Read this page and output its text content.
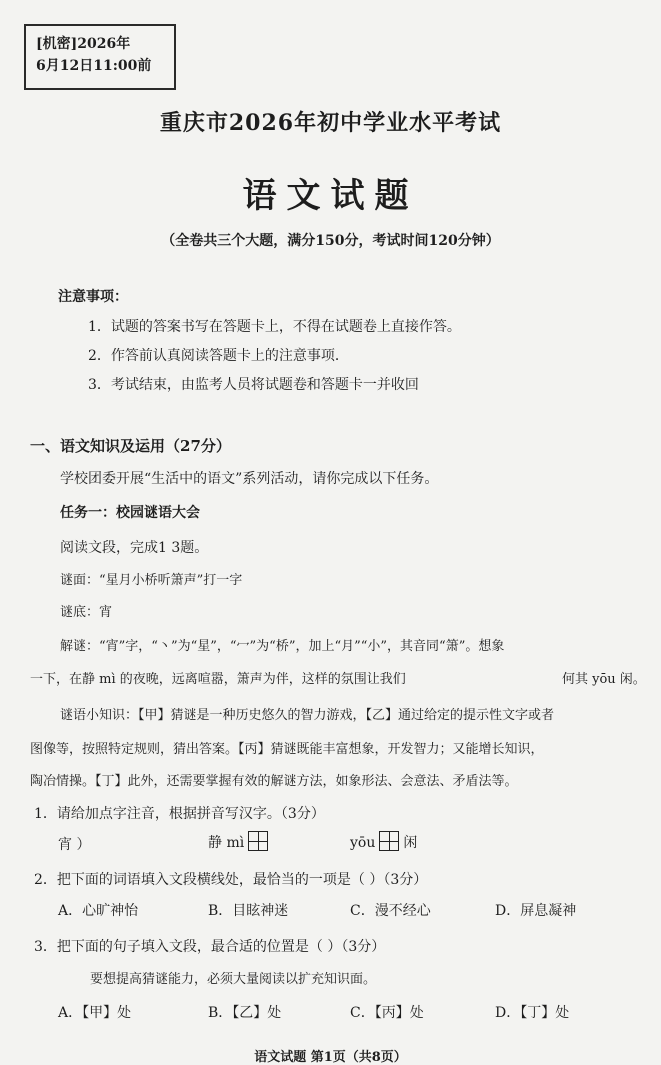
[机密]2026年
6月12日11:00前
重庆市2026年初中学业水平考试
语文试题
（全卷共三个大题，满分150分，考试时间120分钟）
注意事项：
1．试题的答案书写在答题卡上，不得在试题卷上直接作答。
2．作答前认真阅读答题卡上的注意事项．
3．考试结束，由监考人员将试题卷和答题卡一并收回
一、语文知识及运用（27分）
学校团委开展“生活中的语文”系列活动，请你完成以下任务。
任务一：校园谜语大会
阅读文段，完成1 3题。
谜面：“星月小桥听箫声”打一字
谜底：宵
解谜：“宵”字，“丶”为“星”，“冖”为“桥”，加上“月”“小”，其音同“箫”。想象
一下，在静 mì 的夜晚，远离喧嚣，箫声为伴，这样的氛围让我们	何其 yōu 闲。
谜语小知识：【甲】猜谜是一种历史悠久的智力游戏，【乙】通过给定的提示性文字或者
图像等，按照特定规则，猜出答案。【丙】猜谜既能丰富想象，开发智力；又能增长知识，
陶冶情操。【丁】此外，还需要掌握有效的解谜方法，如象形法、会意法、矛盾法等。
1．请给加点字注音，根据拼音写汉字。（3分）
宵 ）	静 mì	yōu 闲
2．把下面的词语填入文段横线处，最恰当的一项是（ ）（3分）
A．心旷神怡	B．目眩神迷	C．漫不经心	D．屏息凝神
3．把下面的句子填入文段，最合适的位置是（ ）（3分）
要想提高猜谜能力，必须大量阅读以扩充知识面。
A．【甲】处	B．【乙】处	C．【丙】处	D．【丁】处
语文试题 第1页（共8页）
